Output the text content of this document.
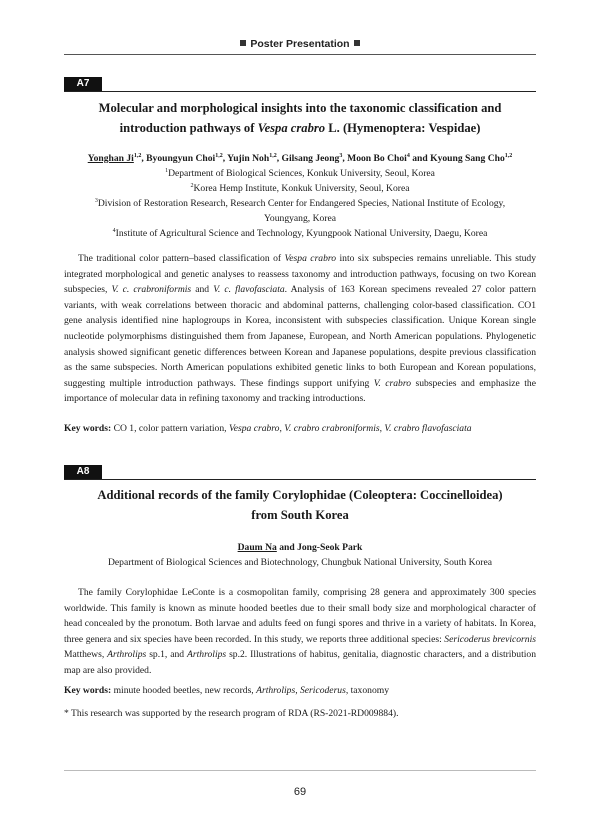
Poster Presentation
A7
Molecular and morphological insights into the taxonomic classification and
introduction pathways of Vespa crabro L. (Hymenoptera: Vespidae)
Yonghan Ji$^{1,2}$, Byoungyun Choi$^{1,2}$, Yujin Noh$^{1,2}$, Gilsang Jeong$^3$, Moon Bo Choi$^4$ and Kyoung Sang Cho$^{1,2}$
$^1$Department of Biological Sciences, Konkuk University, Seoul, Korea
$^2$Korea Hemp Institute, Konkuk University, Seoul, Korea
$^3$Division of Restoration Research, Research Center for Endangered Species, National Institute of Ecology,
Youngyang, Korea
$^4$Institute of Agricultural Science and Technology, Kyungpook National University, Daegu, Korea

The traditional color pattern–based classification of Vespa crabro into six subspecies remains unreliable. This study integrated morphological and genetic analyses to reassess taxonomy and introduction pathways, focusing on two Korean subspecies, V. c. crabroniformis and V. c. flavofasciata. Analysis of 163 Korean specimens revealed 27 color pattern variants, with weak correlations between thoracic and abdominal patterns, challenging color-based classification. CO1 gene analysis identified nine haplogroups in Korea, inconsistent with subspecies classification. Unique Korean single nucleotide polymorphisms distinguished them from Japanese, European, and North American populations. Phylogenetic analysis showed significant genetic differences between Korean and Japanese populations, despite previous classification as the same subspecies. North American populations exhibited genetic links to both European and Korean populations, suggesting multiple introduction pathways. These findings support unifying V. crabro subspecies and emphasize the importance of molecular data in refining taxonomy and tracking introductions.

Key words: CO 1, color pattern variation, Vespa crabro, V. crabro crabroniformis, V. crabro flavofasciata
A8
Additional records of the family Corylophidae (Coleoptera: Coccinelloidea)
from South Korea
Daum Na and Jong-Seok Park
Department of Biological Sciences and Biotechnology, Chungbuk National University, South Korea

The family Corylophidae LeConte is a cosmopolitan family, comprising 28 genera and approximately 300 species worldwide. This family is known as minute hooded beetles due to their small body size and morphological character of head concealed by the pronotum. Both larvae and adults feed on fungi spores and thrive in a variety of habitats. In Korea, three genera and six species have been recorded. In this study, we reports three additional species: Sericoderus brevicornis Matthews, Arthrolips sp.1, and Arthrolips sp.2. Illustrations of habitus, genitalia, diagnostic characters, and a distribution map are also provided.

Key words: minute hooded beetles, new records, Arthrolips, Sericoderus, taxonomy
* This research was supported by the research program of RDA (RS-2021-RD009884).
69
